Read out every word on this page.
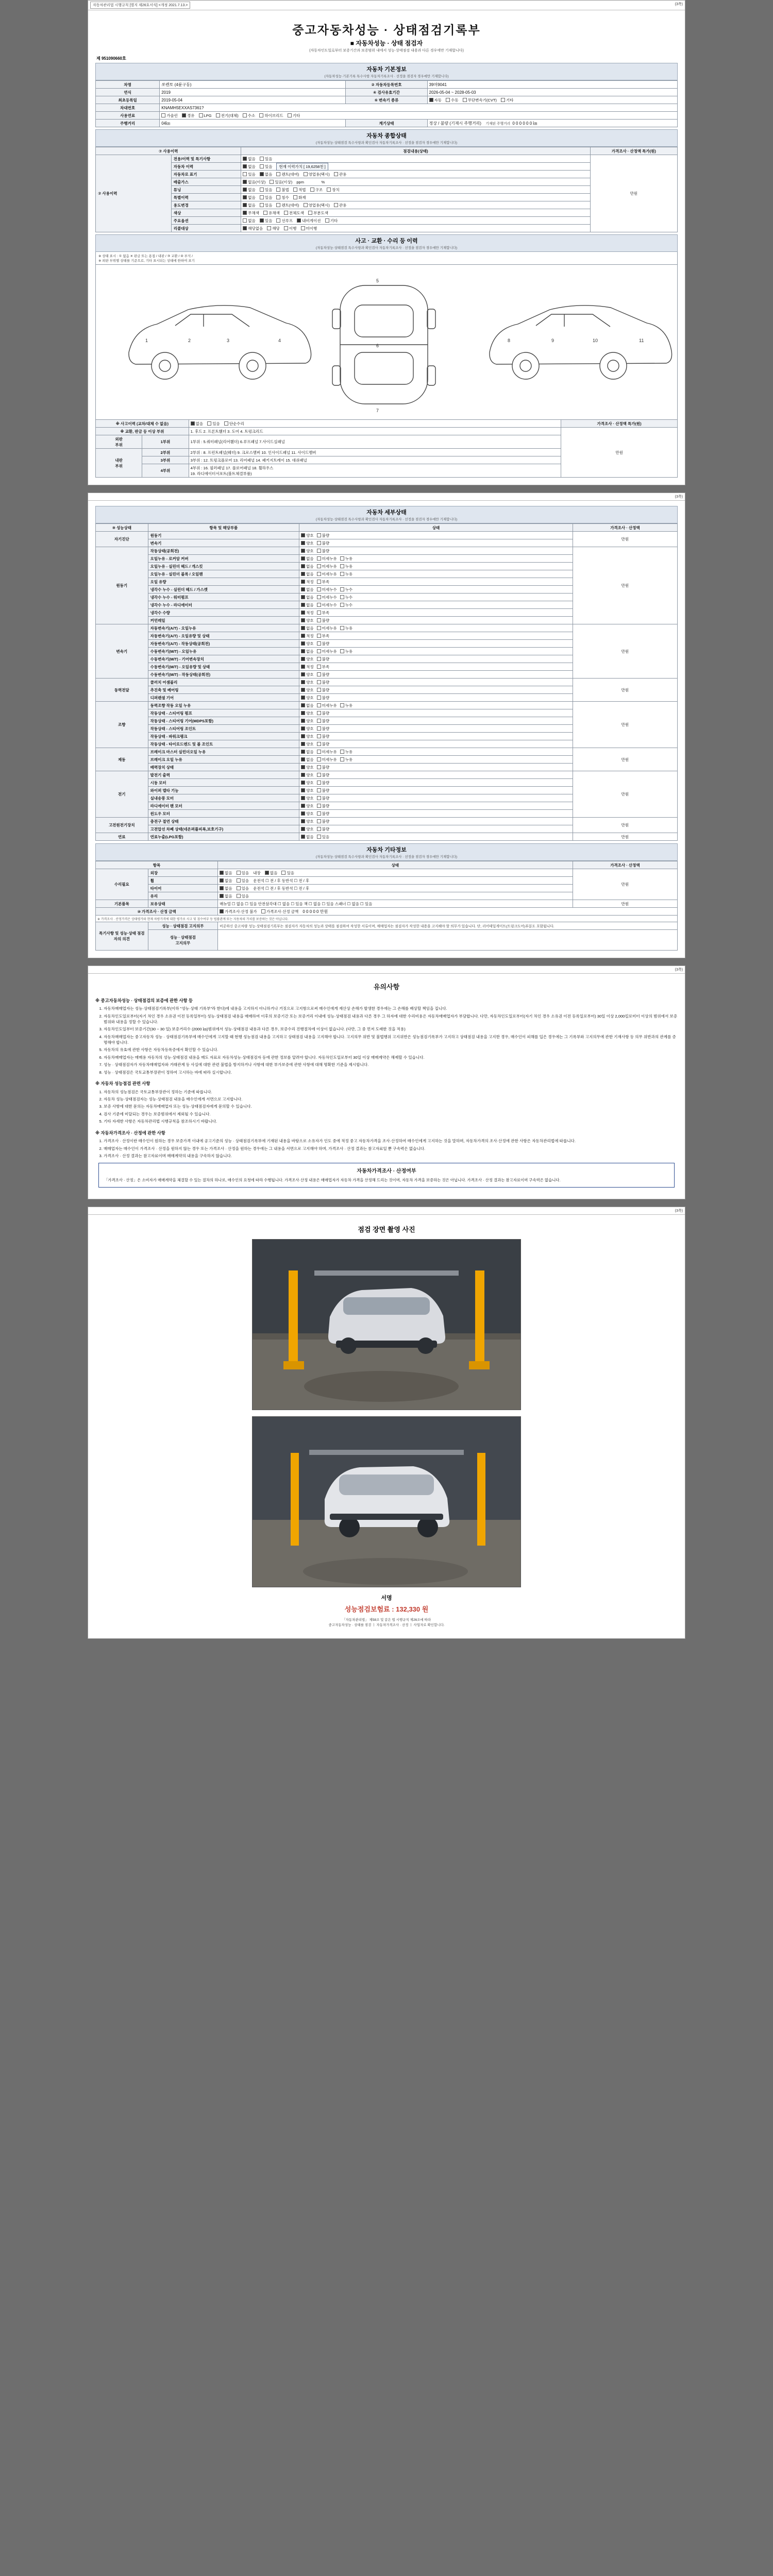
자동차관리법 시행규칙 [별지 제26호서식] <개정 2021.7.13.>	(3쪽)
중고자동차성능 · 상태점검기록부
■ 자동차성능 · 상태 점검자
(자동차인도일로부터 보증기간과 보증범위 내에서 성능·상태점검 내용과 다른 경우에만 기재합니다)
제 951090660호
자동차 기본정보
(자동차성능·기본기록 특수사항 자동차기록조사 · 선정을 점검자 경우에만 기재합니다)
차명	쏘렌토 (4륜구동)	② 자동차등록번호	39머9041
연식	2019	④ 검사유효기간	2026-05-04 ~ 2028-05-03
최초등록일	2019-05-04	⑥ 변속기 종류	자동 수동 무단변속기(CVT) 기타
차대번호	KNAMH5EXXAS7361?		
사용연료	가솔린 경유 LPG 전기(대체) 수소 하이브리드 기타		
주행거리	04㎞	계기상태	정상 / 불량 (기재시 주행거리) 기재된 주행거리 0 0 0 0 0 0 ㎞
자동차 종합상태
(자동차성능·상태점검 특수사항과 확인검사 자동차기록조사 · 선정을 점검자 경우에만 기재합니다)
⑦ 사용이력		점검내용(상태)	가격조사 · 산정액 특가(원)
⑦ 사용이력	전용/이력 및 특기사항	없음 있음	만원
	자동차 이력	없음 있음 현재 이력가치 [ 19,6258천 ]	
	자동차로 표기	있음 없음 렌트(대여) 영업용(택시) 관용	
	배출가스	없음(이상) 있음(이상) ppm %	
	튜닝	없음 있음 불법 적법 구조 장치	
	특별이력	없음 있음 침수 화재	
	용도변경	없음 있음 렌트(대여) 영업용(택시) 관용	
	색상	무채색 유채색 전체도색 부분도색	
	주요옵션	없음 있음 선루프 내비게이션 기타	
	리콜대상	해당없음 해당 이행 미이행	
사고 · 교환 · 수리 등 이력
(자동차성능·상태점검 특수사항과 확인검사 자동차기록조사 · 선정을 점검자 경우에만 기재합니다)
※ 상태 표시 : ① 없음 ✕ 판금 또는 용접 / 내판 / ③ 교환 / ④ 부식 /
※ 외판 부위별 상태를 기준으로, 기타 표시되는 상태에 한하여 표기
1	2	3	4
5
6
7
8	9	10	11
※ 사고이력 (교차/대체 수 없음)		없음 있음 단순수리	가격조사 · 산정액 특가(원)
※ 교환, 판금 등 이상 부위		1. 후드 2. 프론트휀더 3. 도어 4. 트렁크리드	만원
외판
부위	1부위	1부위 : 5.쿼터패널(리어휀더) 6.루프패널 7.사이드실패널	
내판
부위	2부위	2부위 : 8. 프런트패널(웨더) 9. 크로스멤버 10. 인사이드패널 11. 사이드멤버	
	3부위	3부위 : 12. 트렁크플로어 13. 리어패널 14. 패키지트레이 15. 대쉬패널	
	4부위	4부위 : 16. 필러패널 17. 플로어패널 18. 휠하우스
19. 라디에이터서포트(볼트체결부품)	
(3쪽)
자동차 세부상태
(자동차성능·상태점검 특수사항과 확인검사 자동차기록조사 · 선정을 점검자 경우에만 기재합니다)
⑨ 성능상태	항목 및 해당부품	상태	가격조사 · 산정액
자기진단	원동기	양호 불량	만원
	변속기	양호 불량	
원동기	작동상태(공회전)	양호 불량	만원
	오일누유 - 로커암 커버	없음 미세누유 누유	
	오일누유 - 실린더 헤드 / 개스킷	없음 미세누유 누유	
	오일누유 - 실린더 블록 / 오일팬	없음 미세누유 누유	
	오일 유량	적정 부족	
	냉각수 누수 - 실린더 헤드 / 가스켓	없음 미세누수 누수	
	냉각수 누수 - 워터펌프	없음 미세누수 누수	
	냉각수 누수 - 라디에이터	없음 미세누수 누수	
	냉각수 수량	적정 부족	
	커먼레일	양호 불량	
변속기	자동변속기(A/T) - 오일누유	없음 미세누유 누유	만원
	자동변속기(A/T) - 오일유량 및 상태	적정 부족	
	자동변속기(A/T) - 작동상태(공회전)	양호 불량	
	수동변속기(M/T) - 오일누유	없음 미세누유 누유	
	수동변속기(M/T) - 기어변속장치	양호 불량	
	수동변속기(M/T) - 오일유량 및 상태	적정 부족	
	수동변속기(M/T) - 작동상태(공회전)	양호 불량	
동력전달	클러치 어셈블리	양호 불량	만원
	추진축 및 베어링	양호 불량	
	디퍼렌셜 기어	양호 불량	
조향	동력조향 작동 오일 누유	없음 미세누유 누유	만원
	작동상태 - 스티어링 펌프	양호 불량	
	작동상태 - 스티어링 기어(MDPS포함)	양호 불량	
	작동상태 - 스티어링 조인트	양호 불량	
	작동상태 - 파워크랭크	양호 불량	
	작동상태 - 타이로드엔드 및 볼 조인트	양호 불량	
제동	브레이크 마스터 실린더오일 누유	없음 미세누유 누유	만원
	브레이크 오일 누유	없음 미세누유 누유	
	배력장치 상태	양호 불량	
전기	발전기 출력	양호 불량	만원
	시동 모터	양호 불량	
	와이퍼 델타 기능	양호 불량	
	실내송풍 모터	양호 불량	
	라디에이터 팬 모터	양호 불량	
	윈도우 모터	양호 불량	
고전원전기장치	충전구 절연 상태	양호 불량	만원
	고전압선 차폐 상태(네온퍼플피복,보호기구)	양호 불량	
연료	연료누출(LPG포함)	없음 있음	만원
자동차 기타정보
(자동차성능·상태점검 특수사항과 확인검사 자동차기록조사 · 선정을 점검자 경우에만 기재합니다)
항목		상태	가격조사 · 산정액
수리필요	외장	없음 있음 내장 없음 있음	만원
	휠	없음 있음 운전석 ☐ 전 / 후 동반석 ☐ 전 / 후	
	타이어	없음 있음 운전석 ☐ 전 / 후 동반석 ☐ 전 / 후	
	유리	없음 있음	
기본품목	보유상태	매뉴얼 ☐ 없음 ☐ 있음 안전삼각대 ☐ 없음 ☐ 있음 잭 ☐ 없음 ☐ 있음 스패너 ☐ 없음 ☐ 있음	만원
⑩ 가격조사 · 산정 금액		가격조사·산정 불가 가격조사·산정 금액 0 0 0 0 0 만원	
※ 가격조사 · 산정가격은 상태평가와 현재 차량가격에 대한 평가로 사고 및 침수여부 등 법률관계 또는 자동차의 가치를 보증하는 것은 아닙니다.			
특기사항 및 성능·상태 점검자의 의견	성능 · 상태점검 고지의무	비공하신 중고차량 성능·상태점검기록부는 점검자가 자동차의 성능과 상태를 점검하여 작성한 서류이며, 매매업자는 점검자가 작성한 내용을 고지해야 할 의무가 있습니다. 단, 리어테일게이트(트렁크도어)부분도 포함됩니다.	
	성능 · 상태점검
고지의무		
(3쪽)
유의사항
※ 중고자동차성능 · 상태점검의 보증에 관한 사항 등
1. 자동차매매업자는 성능·상태점검기록부(이하 "성능·상태 기록부"라 한다)에 내용을 고지하지 아니하거나 거짓으로 고지함으로써 매수인에게 재산상 손해가 발생한 경우에는 그 손해를 배상할 책임을 집니다.
2. 자동차인도일로부터(자기 차인 경우 소유권 이전 등록일부터) 성능·상태점검 내용을 매매하여 이후의 보증기간 또는 보증거리 이내에 성능·상태점검 내용과 다른 경우 그 하자에 대한 수리비용은 자동차매매업자가 부담합니다. 다만, 자동차인도일로부터(자기 차인 경우 소유권 이전 등록일로부터) 30일 이상 2,000킬로미터 이상의 범위에서 보증범위와 내용을 정할 수 있습니다.
3. 자동차인도일부터 보증기간(30 ~ 30 일) 보증거리수 (2000 ㎞)범위에서 성능·상태점검 내용과 다른 경우, 보증수리 진행절차에 이상이 없습니다. (다만, 그 중 먼저 도래한 것을 적용)
4. 자동차매매업자는 중고자동차 성능 · 상태점검기록부에 매수인에게 고지할 때 현행 성능점검 내용을 고지하고 상태점검 내용을 고지해야 합니다. 고지의무 위반 및 불법행위 고지위반은 성능점검기록부가 고지하고 상태점검 내용을 고지한 경우, 매수인이 피해를 입은 경우에는 그 기록부와 고지의무에 관한 기재사항 등 의무 위반과의 관계를 증명해야 합니다.
5. 자동차의 유효에 관한 사항은 자동차등록증에서 확인할 수 있습니다.
6. 자동차매매업자는 매매용 자동차의 성능·상태점검 내용을 매도 자료로 자동차성능·상태점검자 등에 관한 정보를 알려야 합니다. 자동차인도일로부터 30일 이상 매매계약은 해제할 수 있습니다.
7. 성능 · 상태점검자가 자동차매매업자와 거래관계 등 사실에 대한 관련 불법을 방지하거나 사항에 대한 부가보증에 관한 사항에 대해 명확한 기준을 제시합니다.
8. 성능 · 상태점검은 국토교통부장관이 정하여 고시하는 바에 따라 실시합니다.
※ 자동차 성능점검 관련 사항
1. 자동차의 성능점검은 국토교통부장관이 정하는 기준에 따릅니다.
2. 자동차 성능·상태점검자는 성능·상태점검 내용을 매수인에게 서면으로 고지합니다.
3. 보증 사항에 대한 문의는 자동차매매업자 또는 성능·상태점검자에게 문의할 수 있습니다.
4. 검사 기준에 미달되는 경우는 보증범위에서 제외될 수 있습니다.
5. 기타 자세한 사항은 자동차관리법 시행규칙을 참조하시기 바랍니다.
※ 자동차가격조사 · 산정에 관한 사항
1. 가격조사 · 산정이란 매수인이 원하는 경우 보증가격 이내에 공고기준의 성능 · 상태점검기록부에 기재된 내용을 바탕으로 소유자가 인도 중에 적정 중고 자동차가격을 조사·산정하여 매수인에게 고지하는 것을 말하며, 자동차가격의 조사·산정에 관한 사항은 자동차관리법에 따릅니다.
2. 매매업자는 매수인이 가격조사 · 산정을 원하지 않는 경우 또는 가격조사 · 산정을 원하는 경우에는 그 내용을 서면으로 고지해야 하며, 가격조사 · 산정 결과는 참고자료일 뿐 구속력은 없습니다.
3. 가격조사 · 산정 결과는 참고자료이며 매매계약의 내용을 구속하지 않습니다.
자동차가격조사 · 산정여부
「가격조사 · 산정」은 소비자가 매매계약을 체결할 수 있는 절차의 하나로, 매수인의 요청에 따라 수행됩니다. 가격조사·산정 내용은 매매업자가 자동차 가격을 산정해 드리는 것이며, 자동차 가격을 보증하는 것은 아닙니다. 가격조사 · 산정 결과는 참고자료이며 구속력은 없습니다.
(3쪽)
점검 장면 촬영 사진
서명
성능점검보험료 : 132,330 원
「자동차관리법」 제58조 및 같은 법 시행규칙 제26조에 따라
중고자동차성능 · 상태를 점검 ㅣ 자동차가격조사 · 산정 ㅣ 사업자로 확인합니다.
